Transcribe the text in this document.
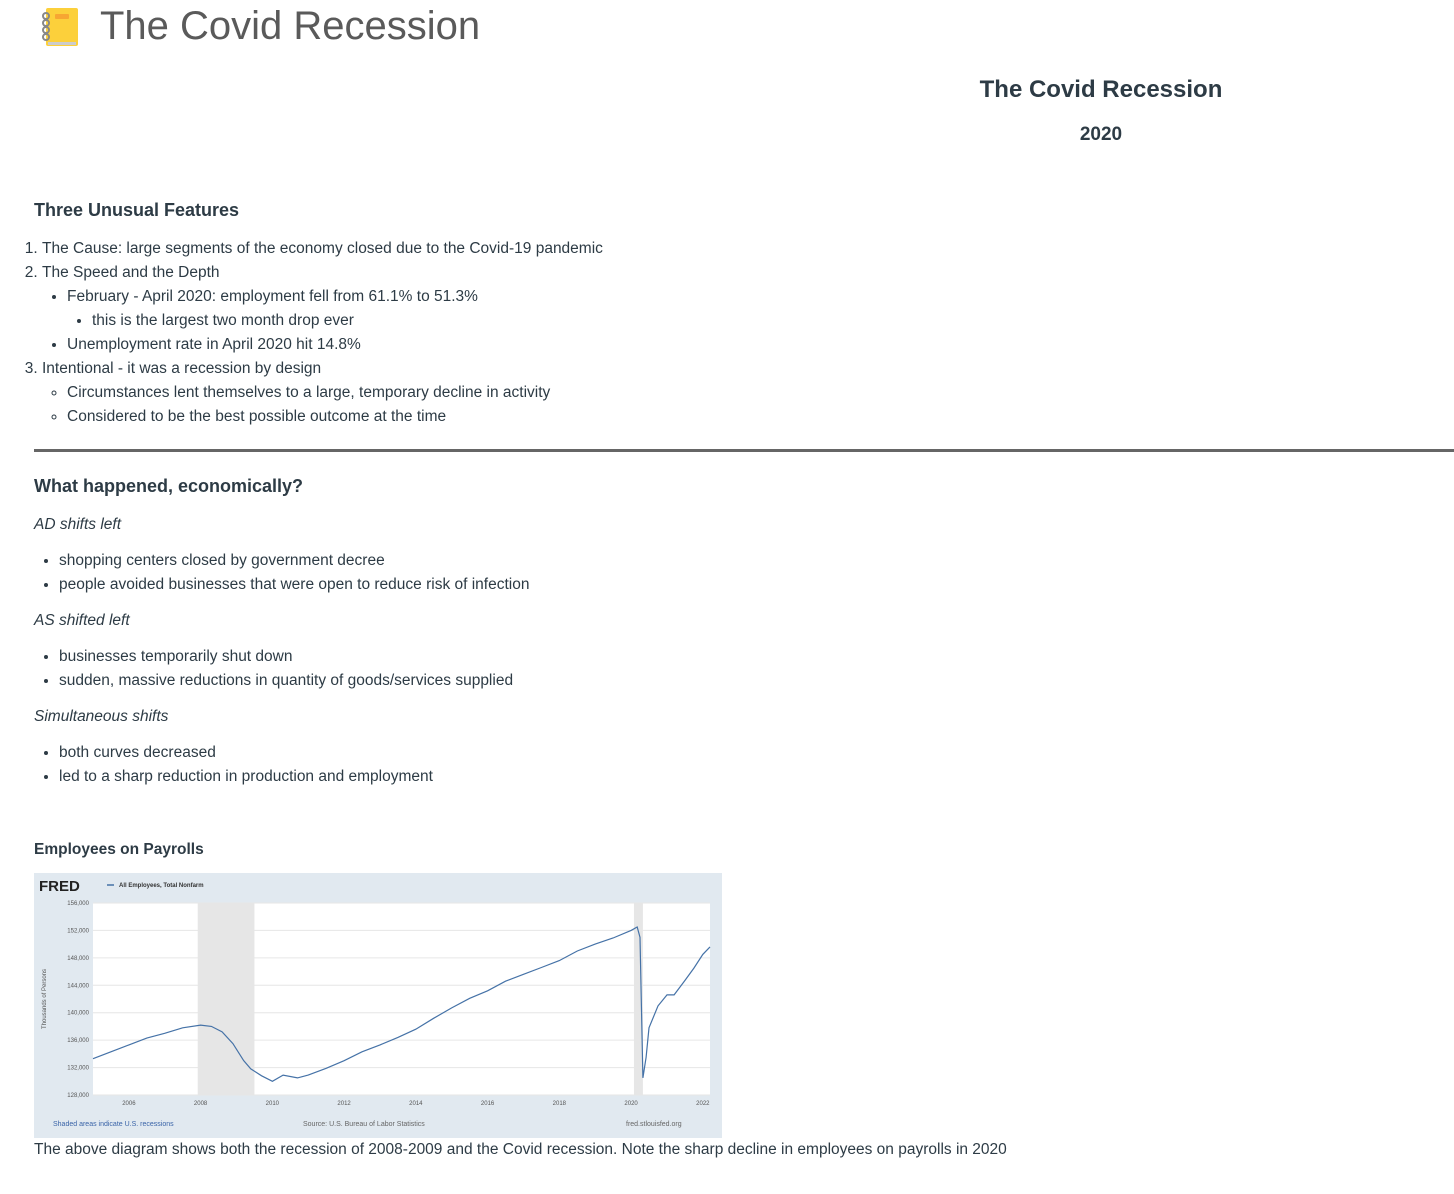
The Covid Recession
The Covid Recession
2020
Three Unusual Features
1. The Cause: large segments of the economy closed due to the Covid-19 pandemic
2. The Speed and the Depth
• February - April 2020: employment fell from 61.1% to 51.3%
• this is the largest two month drop ever
• Unemployment rate in April 2020 hit 14.8%
3. Intentional - it was a recession by design
◦ Circumstances lent themselves to a large, temporary decline in activity
◦ Considered to be the best possible outcome at the time
What happened, economically?
AD shifts left
• shopping centers closed by government decree
• people avoided businesses that were open to reduce risk of infection
AS shifted left
• businesses temporarily shut down
• sudden, massive reductions in quantity of goods/services supplied
Simultaneous shifts
• both curves decreased
• led to a sharp reduction in production and employment
Employees on Payrolls
128,000
132,000
136,000
140,000
144,000
148,000
152,000
156,000
2006	2008	2010	2012	2014	2016	2018	2020	2022
FRED	All Employees, Total Nonfarm
Thousands of Persons
Shaded areas indicate U.S. recessions	Source: U.S. Bureau of Labor Statistics	fred.stlouisfed.org
The above diagram shows both the recession of 2008-2009 and the Covid recession. Note the sharp decline in employees on payrolls in 2020
